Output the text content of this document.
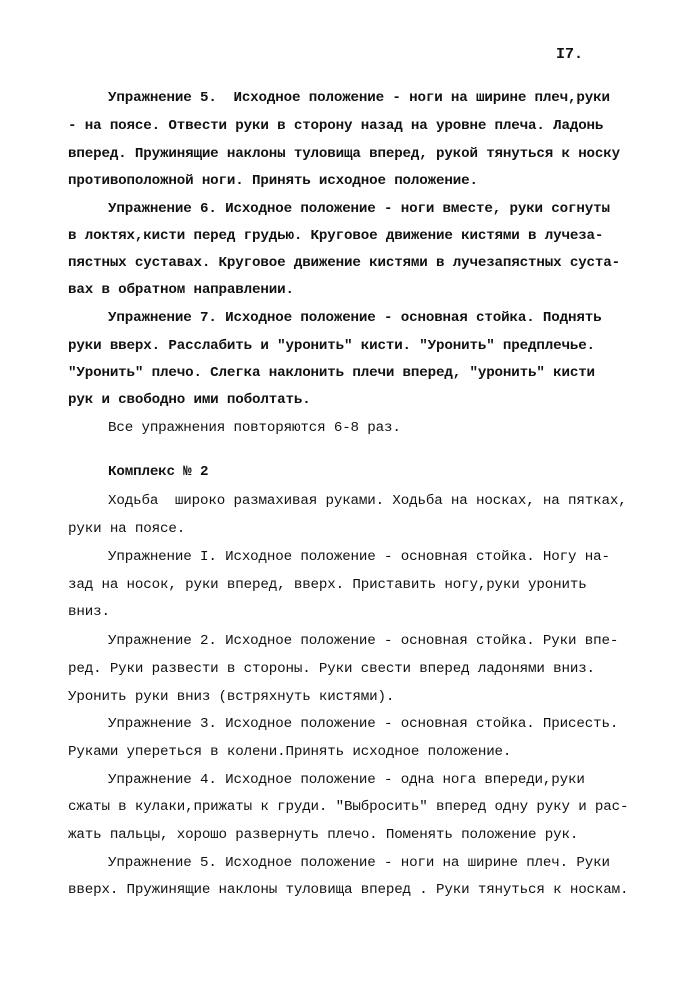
I7.
Упражнение 5.  Исходное положение - ноги на ширине плеч,руки
- на поясе. Отвести руки в сторону назад на уровне плеча. Ладонь
вперед. Пружинящие наклоны туловища вперед, рукой тянуться к носку
противоположной ноги. Принять исходное положение.
Упражнение 6. Исходное положение - ноги вместе, руки согнуты
в локтях,кисти перед грудью. Круговое движение кистями в лучеза-
пястных суставах. Круговое движение кистями в лучезапястных суста-
вах в обратном направлении.
Упражнение 7. Исходное положение - основная стойка. Поднять
руки вверх. Расслабить и "уронить" кисти. "Уронить" предплечье.
"Уронить" плечо. Слегка наклонить плечи вперед, "уронить" кисти
рук и свободно ими поболтать.
Все упражнения повторяются 6-8 раз.
Комплекс № 2
Ходьба  широко размахивая руками. Ходьба на носках, на пятках,
руки на поясе.
Упражнение I. Исходное положение - основная стойка. Ногу на-
зад на носок, руки вперед, вверх. Приставить ногу,руки уронить
вниз.
Упражнение 2. Исходное положение - основная стойка. Руки впе-
ред. Руки развести в стороны. Руки свести вперед ладонями вниз.
Уронить руки вниз (встряхнуть кистями).
Упражнение 3. Исходное положение - основная стойка. Присесть.
Руками упереться в колени.Принять исходное положение.
Упражнение 4. Исходное положение - одна нога впереди,руки
сжаты в кулаки,прижаты к груди. "Выбросить" вперед одну руку и рас-
жать пальцы, хорошо развернуть плечо. Поменять положение рук.
Упражнение 5. Исходное положение - ноги на ширине плеч. Руки
вверх. Пружинящие наклоны туловища вперед . Руки тянуться к носкам.
